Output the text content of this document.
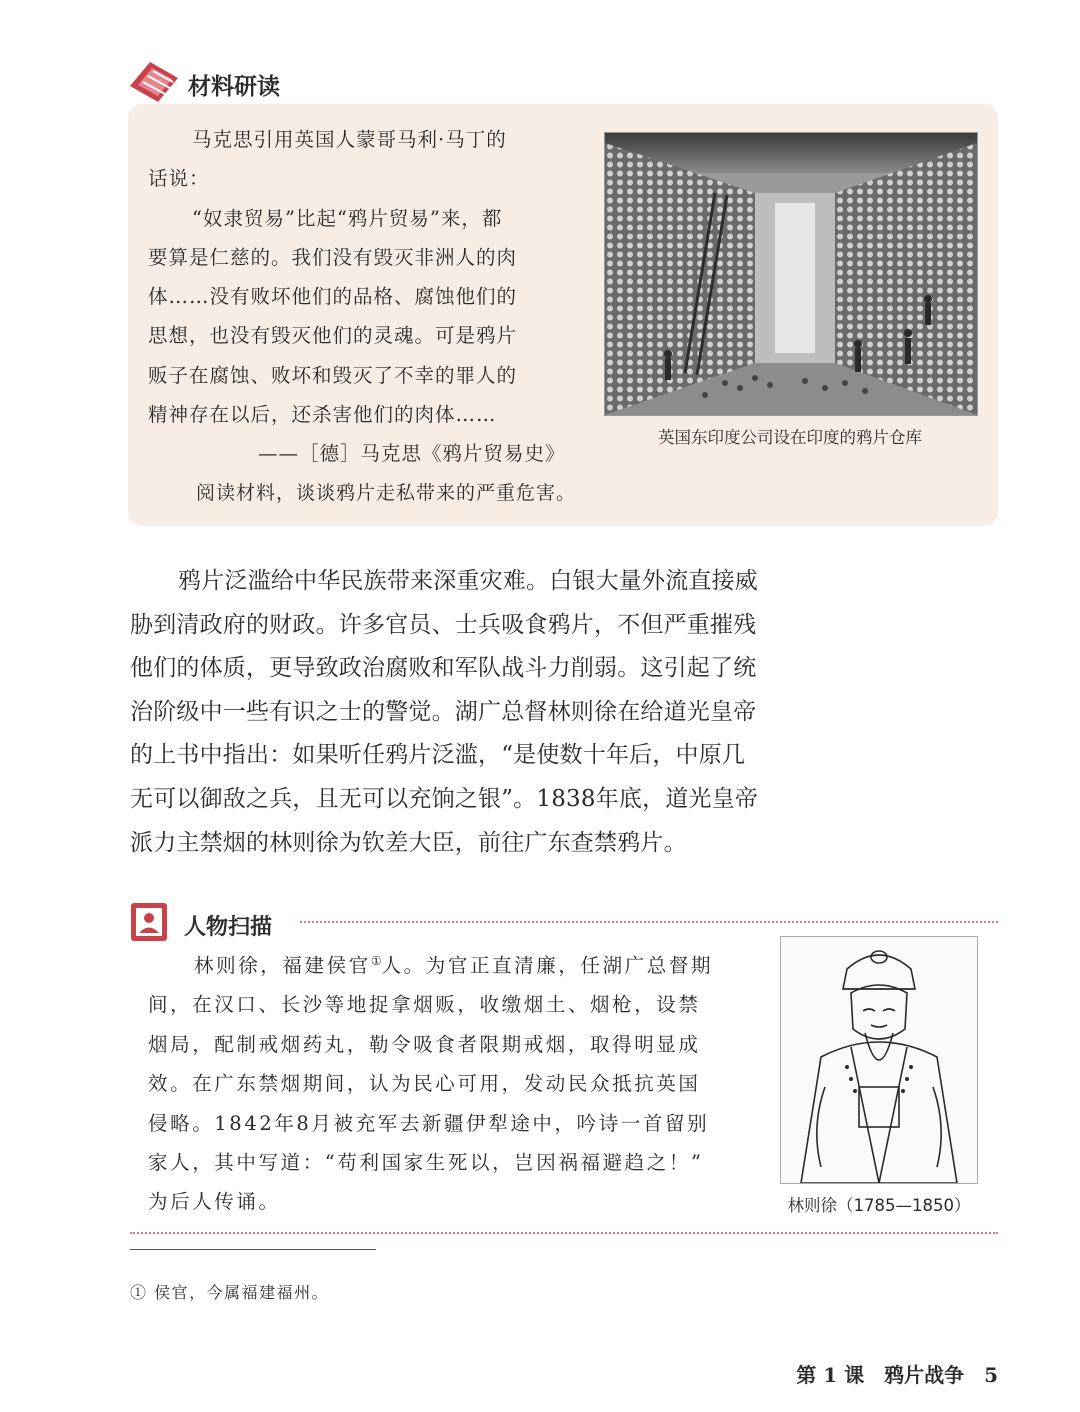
材料研读
马克思引用英国人蒙哥马利·马丁的
话说：
“奴隶贸易”比起“鸦片贸易”来，都
要算是仁慈的。我们没有毁灭非洲人的肉
体……没有败坏他们的品格、腐蚀他们的
思想，也没有毁灭他们的灵魂。可是鸦片
贩子在腐蚀、败坏和毁灭了不幸的罪人的
精神存在以后，还杀害他们的肉体……
——［德］马克思《鸦片贸易史》
阅读材料，谈谈鸦片走私带来的严重危害。
英国东印度公司设在印度的鸦片仓库
鸦片泛滥给中华民族带来深重灾难。白银大量外流直接威
胁到清政府的财政。许多官员、士兵吸食鸦片，不但严重摧残
他们的体质，更导致政治腐败和军队战斗力削弱。这引起了统
治阶级中一些有识之士的警觉。湖广总督林则徐在给道光皇帝
的上书中指出：如果听任鸦片泛滥，“是使数十年后，中原几
无可以御敌之兵，且无可以充饷之银”。1838年底，道光皇帝
派力主禁烟的林则徐为钦差大臣，前往广东查禁鸦片。
人物扫描
林则徐，福建侯官①人。为官正直清廉，任湖广总督期
间，在汉口、长沙等地捉拿烟贩，收缴烟土、烟枪，设禁
烟局，配制戒烟药丸，勒令吸食者限期戒烟，取得明显成
效。在广东禁烟期间，认为民心可用，发动民众抵抗英国
侵略。1842年8月被充军去新疆伊犁途中，吟诗一首留别
家人，其中写道：“苟利国家生死以，岂因祸福避趋之！”
为后人传诵。	林则徐（1785—1850）
① 侯官，今属福建福州。
第 1 课　鸦片战争　5
